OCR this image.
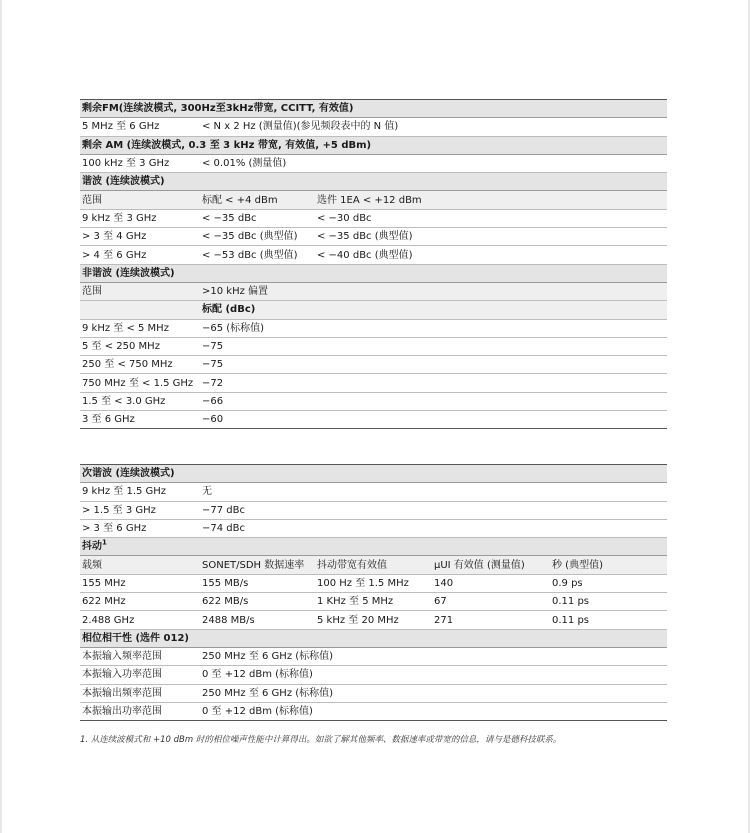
剩余FM(连续波模式, 300Hz至3kHz带宽, CCITT, 有效值)		
5 MHz 至 6 GHz	< N x 2 Hz (测量值)(参见频段表中的 N 值)	
剩余 AM (连续波模式, 0.3 至 3 kHz 带宽, 有效值, +5 dBm)		
100 kHz 至 3 GHz	< 0.01% (测量值)	
谐波 (连续波模式)		
范围	标配 < +4 dBm	选件 1EA < +12 dBm
9 kHz 至 3 GHz	< −35 dBc	< −30 dBc
> 3 至 4 GHz	< −35 dBc (典型值)	< −35 dBc (典型值)
> 4 至 6 GHz	< −53 dBc (典型值)	< −40 dBc (典型值)
非谐波 (连续波模式)		
范围	>10 kHz 偏置	
	标配 (dBc)	
9 kHz 至 < 5 MHz	−65 (标称值)	
5 至 < 250 MHz	−75	
250 至 < 750 MHz	−75	
750 MHz 至 < 1.5 GHz	−72	
1.5 至 < 3.0 GHz	−66	
3 至 6 GHz	−60	
次谐波 (连续波模式)				
9 kHz 至 1.5 GHz	无			
> 1.5 至 3 GHz	−77 dBc			
> 3 至 6 GHz	−74 dBc			
抖动$^1$
载频	SONET/SDH 数据速率	抖动带宽有效值	μUI 有效值 (测量值)	秒 (典型值)
155 MHz	155 MB/s	100 Hz 至 1.5 MHz	140	0.9 ps
622 MHz	622 MB/s	1 KHz 至 5 MHz	67	0.11 ps
2.488 GHz	2488 MB/s	5 kHz 至 20 MHz	271	0.11 ps
相位相干性 (选件 012)				
本振输入频率范围	250 MHz 至 6 GHz (标称值)			
本振输入功率范围	0 至 +12 dBm (标称值)			
本振输出频率范围	250 MHz 至 6 GHz (标称值)			
本振输出功率范围	0 至 +12 dBm (标称值)			
1. 从连续波模式和 +10 dBm 时的相位噪声性能中计算得出。如欲了解其他频率、数据速率或带宽的信息，请与是德科技联系。
